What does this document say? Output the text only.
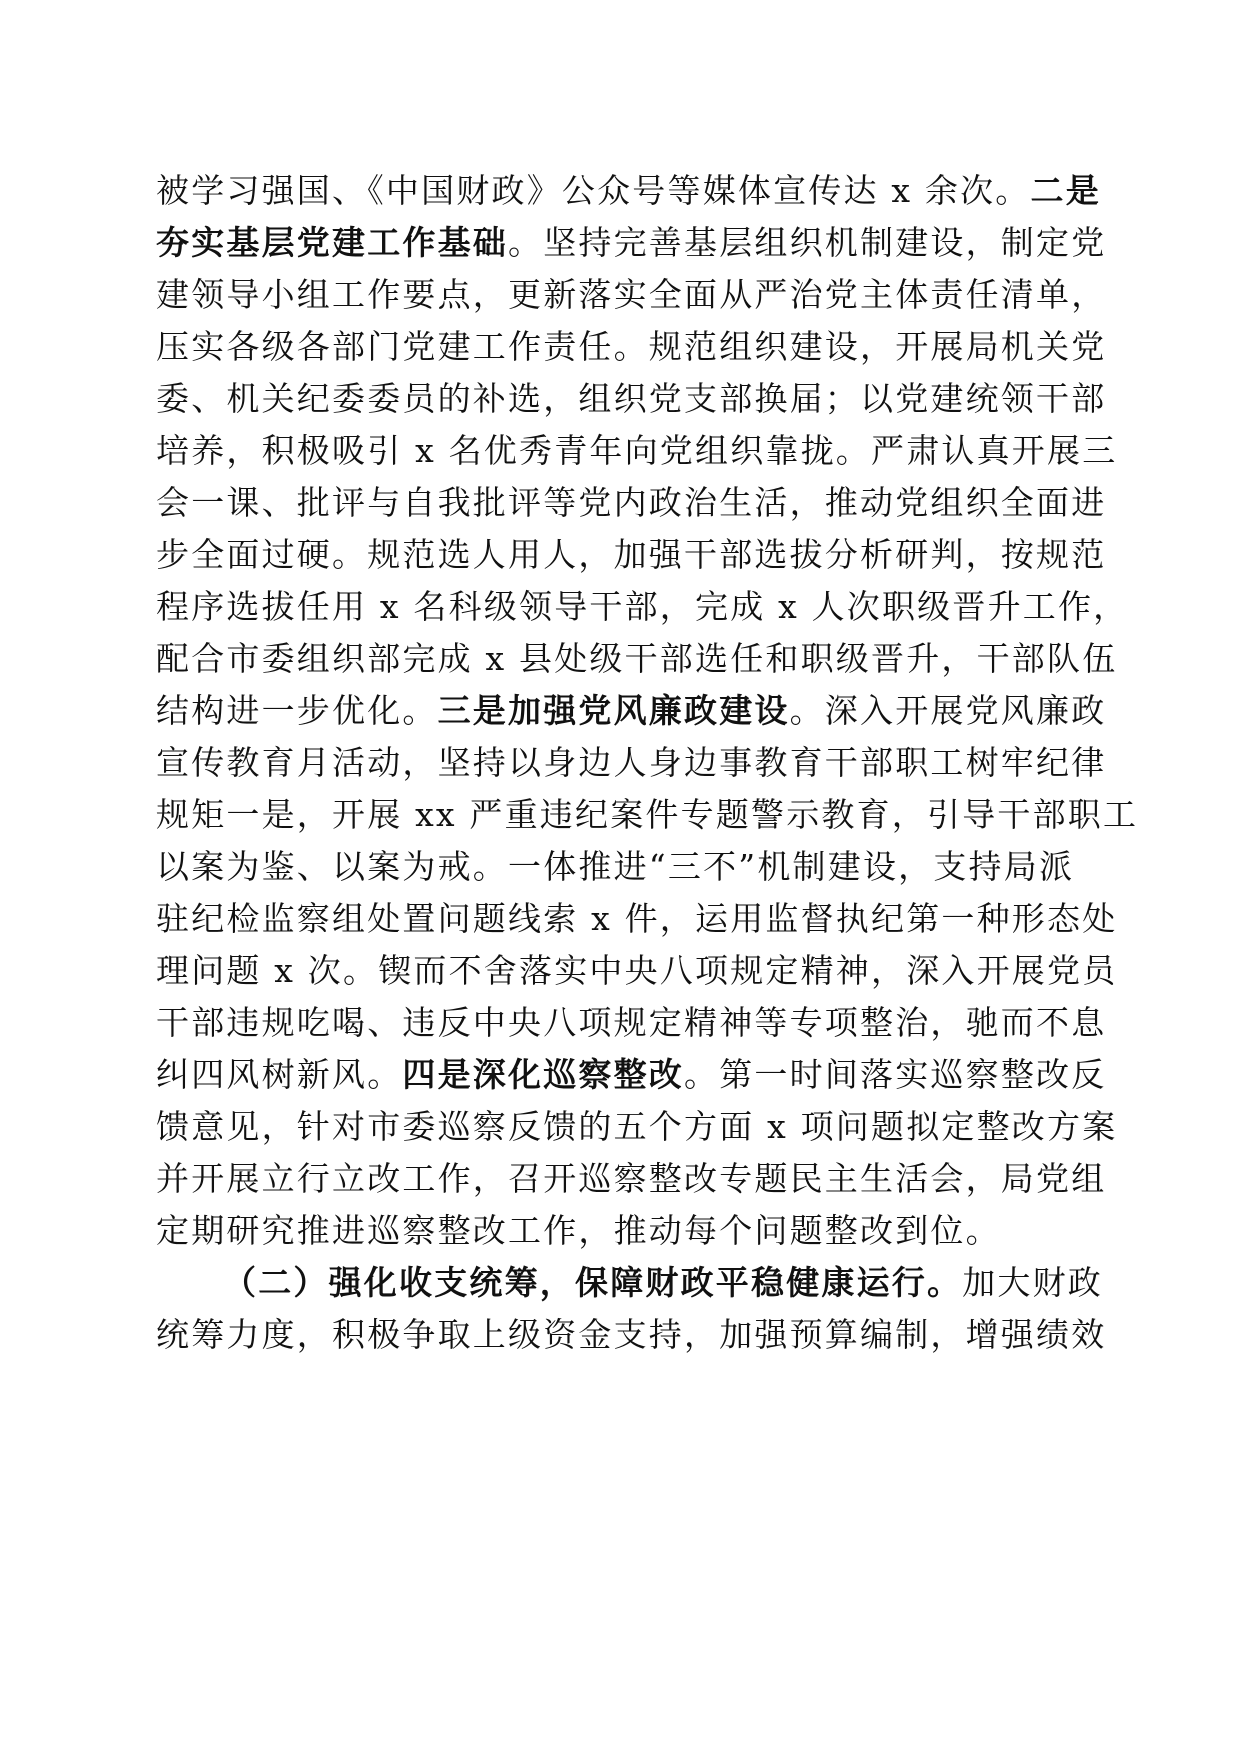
被学习强国、《中国财政》公众号等媒体宣传达 x 余次。二是
夯实基层党建工作基础。坚持完善基层组织机制建设，制定党
建领导小组工作要点，更新落实全面从严治党主体责任清单，
压实各级各部门党建工作责任。规范组织建设，开展局机关党
委、机关纪委委员的补选，组织党支部换届；以党建统领干部
培养，积极吸引 x 名优秀青年向党组织靠拢。严肃认真开展三
会一课、批评与自我批评等党内政治生活，推动党组织全面进
步全面过硬。规范选人用人，加强干部选拔分析研判，按规范
程序选拔任用 x 名科级领导干部，完成 x 人次职级晋升工作，
配合市委组织部完成 x 县处级干部选任和职级晋升，干部队伍
结构进一步优化。三是加强党风廉政建设。深入开展党风廉政
宣传教育月活动，坚持以身边人身边事教育干部职工树牢纪律
规矩一是，开展 xx 严重违纪案件专题警示教育，引导干部职工
以案为鉴、以案为戒。一体推进“三不”机制建设，支持局派
驻纪检监察组处置问题线索 x 件，运用监督执纪第一种形态处
理问题 x 次。锲而不舍落实中央八项规定精神，深入开展党员
干部违规吃喝、违反中央八项规定精神等专项整治，驰而不息
纠四风树新风。四是深化巡察整改。第一时间落实巡察整改反
馈意见，针对市委巡察反馈的五个方面 x 项问题拟定整改方案
并开展立行立改工作，召开巡察整改专题民主生活会，局党组
定期研究推进巡察整改工作，推动每个问题整改到位。
（二）强化收支统筹，保障财政平稳健康运行。加大财政
统筹力度，积极争取上级资金支持，加强预算编制，增强绩效
